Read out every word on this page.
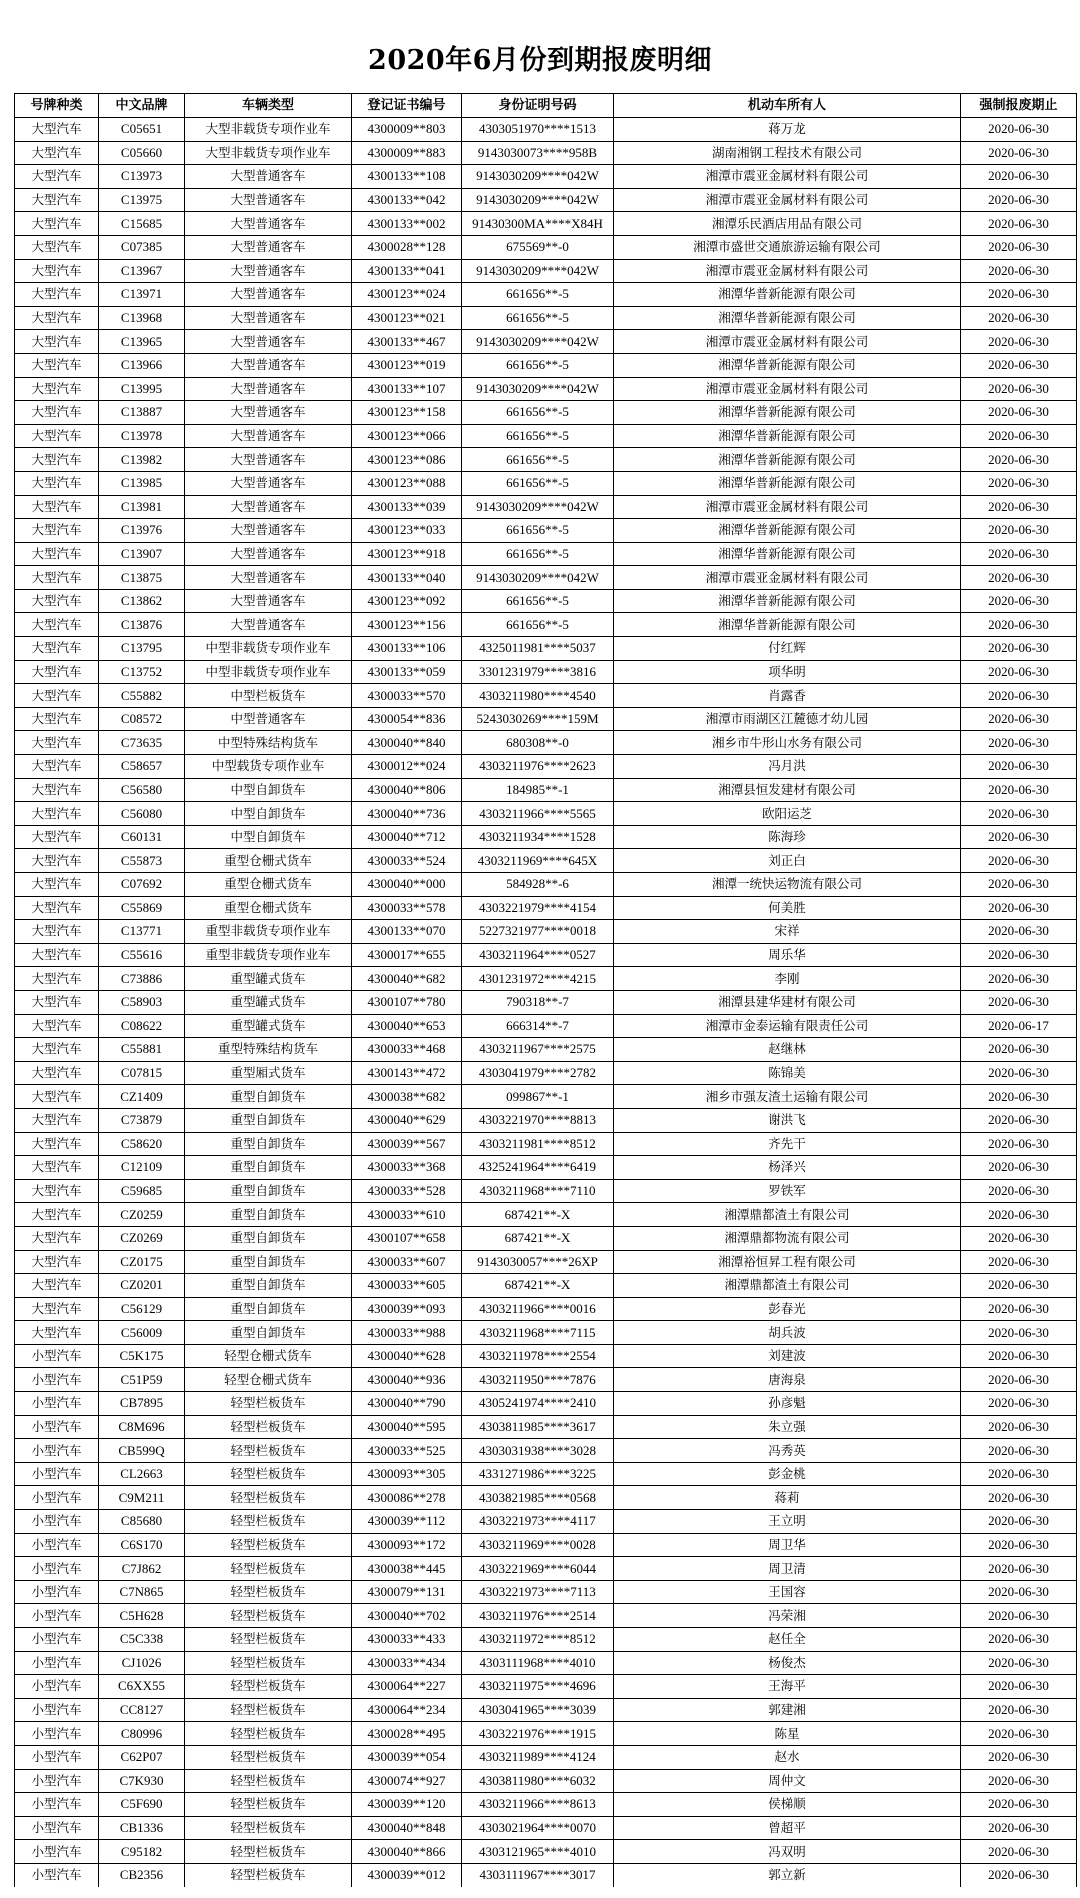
2020年6月份到期报废明细
号牌种类	中文品牌	车辆类型	登记证书编号	身份证明号码	机动车所有人	强制报废期止
大型汽车	C05651	大型非载货专项作业车	4300009**803	4303051970****1513	蒋万龙	2020-06-30
大型汽车	C05660	大型非载货专项作业车	4300009**883	9143030073****958B	湖南湘钢工程技术有限公司	2020-06-30
大型汽车	C13973	大型普通客车	4300133**108	9143030209****042W	湘潭市震亚金属材料有限公司	2020-06-30
大型汽车	C13975	大型普通客车	4300133**042	9143030209****042W	湘潭市震亚金属材料有限公司	2020-06-30
大型汽车	C15685	大型普通客车	4300133**002	91430300MA****X84H	湘潭乐民酒店用品有限公司	2020-06-30
大型汽车	C07385	大型普通客车	4300028**128	675569**-0	湘潭市盛世交通旅游运输有限公司	2020-06-30
大型汽车	C13967	大型普通客车	4300133**041	9143030209****042W	湘潭市震亚金属材料有限公司	2020-06-30
大型汽车	C13971	大型普通客车	4300123**024	661656**-5	湘潭华普新能源有限公司	2020-06-30
大型汽车	C13968	大型普通客车	4300123**021	661656**-5	湘潭华普新能源有限公司	2020-06-30
大型汽车	C13965	大型普通客车	4300133**467	9143030209****042W	湘潭市震亚金属材料有限公司	2020-06-30
大型汽车	C13966	大型普通客车	4300123**019	661656**-5	湘潭华普新能源有限公司	2020-06-30
大型汽车	C13995	大型普通客车	4300133**107	9143030209****042W	湘潭市震亚金属材料有限公司	2020-06-30
大型汽车	C13887	大型普通客车	4300123**158	661656**-5	湘潭华普新能源有限公司	2020-06-30
大型汽车	C13978	大型普通客车	4300123**066	661656**-5	湘潭华普新能源有限公司	2020-06-30
大型汽车	C13982	大型普通客车	4300123**086	661656**-5	湘潭华普新能源有限公司	2020-06-30
大型汽车	C13985	大型普通客车	4300123**088	661656**-5	湘潭华普新能源有限公司	2020-06-30
大型汽车	C13981	大型普通客车	4300133**039	9143030209****042W	湘潭市震亚金属材料有限公司	2020-06-30
大型汽车	C13976	大型普通客车	4300123**033	661656**-5	湘潭华普新能源有限公司	2020-06-30
大型汽车	C13907	大型普通客车	4300123**918	661656**-5	湘潭华普新能源有限公司	2020-06-30
大型汽车	C13875	大型普通客车	4300133**040	9143030209****042W	湘潭市震亚金属材料有限公司	2020-06-30
大型汽车	C13862	大型普通客车	4300123**092	661656**-5	湘潭华普新能源有限公司	2020-06-30
大型汽车	C13876	大型普通客车	4300123**156	661656**-5	湘潭华普新能源有限公司	2020-06-30
大型汽车	C13795	中型非载货专项作业车	4300133**106	4325011981****5037	付红辉	2020-06-30
大型汽车	C13752	中型非载货专项作业车	4300133**059	3301231979****3816	项华明	2020-06-30
大型汽车	C55882	中型栏板货车	4300033**570	4303211980****4540	肖露香	2020-06-30
大型汽车	C08572	中型普通客车	4300054**836	5243030269****159M	湘潭市雨湖区江麓德才幼儿园	2020-06-30
大型汽车	C73635	中型特殊结构货车	4300040**840	680308**-0	湘乡市牛形山水务有限公司	2020-06-30
大型汽车	C58657	中型载货专项作业车	4300012**024	4303211976****2623	冯月洪	2020-06-30
大型汽车	C56580	中型自卸货车	4300040**806	184985**-1	湘潭县恒发建材有限公司	2020-06-30
大型汽车	C56080	中型自卸货车	4300040**736	4303211966****5565	欧阳运芝	2020-06-30
大型汽车	C60131	中型自卸货车	4300040**712	4303211934****1528	陈海珍	2020-06-30
大型汽车	C55873	重型仓栅式货车	4300033**524	4303211969****645X	刘正白	2020-06-30
大型汽车	C07692	重型仓栅式货车	4300040**000	584928**-6	湘潭一统快运物流有限公司	2020-06-30
大型汽车	C55869	重型仓栅式货车	4300033**578	4303221979****4154	何美胜	2020-06-30
大型汽车	C13771	重型非载货专项作业车	4300133**070	5227321977****0018	宋祥	2020-06-30
大型汽车	C55616	重型非载货专项作业车	4300017**655	4303211964****0527	周乐华	2020-06-30
大型汽车	C73886	重型罐式货车	4300040**682	4301231972****4215	李刚	2020-06-30
大型汽车	C58903	重型罐式货车	4300107**780	790318**-7	湘潭县建华建材有限公司	2020-06-30
大型汽车	C08622	重型罐式货车	4300040**653	666314**-7	湘潭市金泰运输有限责任公司	2020-06-17
大型汽车	C55881	重型特殊结构货车	4300033**468	4303211967****2575	赵继林	2020-06-30
大型汽车	C07815	重型厢式货车	4300143**472	4303041979****2782	陈锦美	2020-06-30
大型汽车	CZ1409	重型自卸货车	4300038**682	099867**-1	湘乡市强友渣土运输有限公司	2020-06-30
大型汽车	C73879	重型自卸货车	4300040**629	4303221970****8813	谢洪飞	2020-06-30
大型汽车	C58620	重型自卸货车	4300039**567	4303211981****8512	齐先干	2020-06-30
大型汽车	C12109	重型自卸货车	4300033**368	4325241964****6419	杨泽兴	2020-06-30
大型汽车	C59685	重型自卸货车	4300033**528	4303211968****7110	罗铁军	2020-06-30
大型汽车	CZ0259	重型自卸货车	4300033**610	687421**-X	湘潭鼎都渣土有限公司	2020-06-30
大型汽车	CZ0269	重型自卸货车	4300107**658	687421**-X	湘潭鼎都物流有限公司	2020-06-30
大型汽车	CZ0175	重型自卸货车	4300033**607	9143030057****26XP	湘潭裕恒昇工程有限公司	2020-06-30
大型汽车	CZ0201	重型自卸货车	4300033**605	687421**-X	湘潭鼎都渣土有限公司	2020-06-30
大型汽车	C56129	重型自卸货车	4300039**093	4303211966****0016	彭春光	2020-06-30
大型汽车	C56009	重型自卸货车	4300033**988	4303211968****7115	胡兵波	2020-06-30
小型汽车	C5K175	轻型仓栅式货车	4300040**628	4303211978****2554	刘建波	2020-06-30
小型汽车	C51P59	轻型仓栅式货车	4300040**936	4303211950****7876	唐海泉	2020-06-30
小型汽车	CB7895	轻型栏板货车	4300040**790	4305241974****2410	孙彦魁	2020-06-30
小型汽车	C8M696	轻型栏板货车	4300040**595	4303811985****3617	朱立强	2020-06-30
小型汽车	CB599Q	轻型栏板货车	4300033**525	4303031938****3028	冯秀英	2020-06-30
小型汽车	CL2663	轻型栏板货车	4300093**305	4331271986****3225	彭金桃	2020-06-30
小型汽车	C9M211	轻型栏板货车	4300086**278	4303821985****0568	蒋莉	2020-06-30
小型汽车	C85680	轻型栏板货车	4300039**112	4303221973****4117	王立明	2020-06-30
小型汽车	C6S170	轻型栏板货车	4300093**172	4303211969****0028	周卫华	2020-06-30
小型汽车	C7J862	轻型栏板货车	4300038**445	4303221969****6044	周卫清	2020-06-30
小型汽车	C7N865	轻型栏板货车	4300079**131	4303221973****7113	王国容	2020-06-30
小型汽车	C5H628	轻型栏板货车	4300040**702	4303211976****2514	冯荣湘	2020-06-30
小型汽车	C5C338	轻型栏板货车	4300033**433	4303211972****8512	赵任全	2020-06-30
小型汽车	CJ1026	轻型栏板货车	4300033**434	4303111968****4010	杨俊杰	2020-06-30
小型汽车	C6XX55	轻型栏板货车	4300064**227	4303211975****4696	王海平	2020-06-30
小型汽车	CC8127	轻型栏板货车	4300064**234	4303041965****3039	郭建湘	2020-06-30
小型汽车	C80996	轻型栏板货车	4300028**495	4303221976****1915	陈星	2020-06-30
小型汽车	C62P07	轻型栏板货车	4300039**054	4303211989****4124	赵水	2020-06-30
小型汽车	C7K930	轻型栏板货车	4300074**927	4303811980****6032	周仲文	2020-06-30
小型汽车	C5F690	轻型栏板货车	4300039**120	4303211966****8613	侯梯顺	2020-06-30
小型汽车	CB1336	轻型栏板货车	4300040**848	4303021964****0070	曾超平	2020-06-30
小型汽车	C95182	轻型栏板货车	4300040**866	4303121965****4010	冯双明	2020-06-30
小型汽车	CB2356	轻型栏板货车	4300039**012	4303111967****3017	郭立新	2020-06-30
